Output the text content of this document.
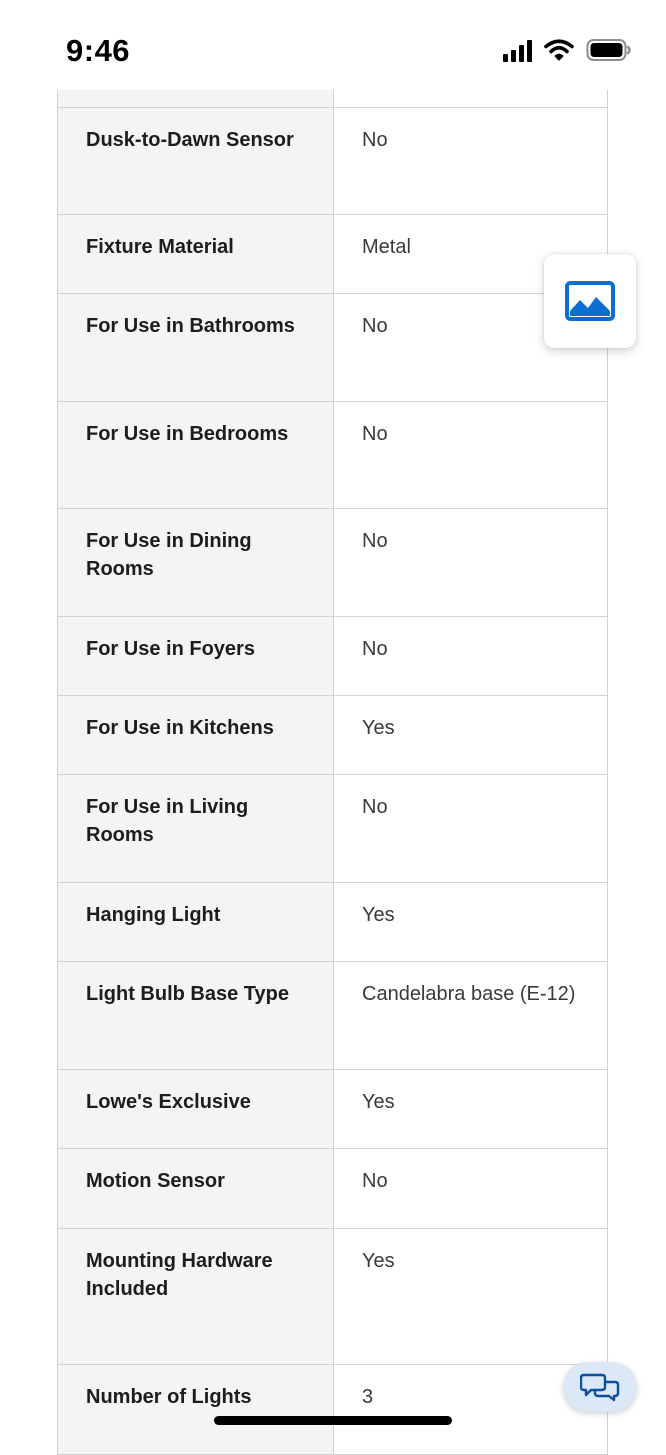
9:46

Dusk-to-Dawn Sensor	No

Fixture Material	Metal

For Use in Bathrooms	No

For Use in Bedrooms	No

For Use in Dining Rooms	No

For Use in Foyers	No

For Use in Kitchens	Yes

For Use in Living Rooms	No

Hanging Light	Yes

Light Bulb Base Type	Candelabra base (E-12)

Lowe's Exclusive	Yes

Motion Sensor	No

Mounting Hardware Included	Yes

Number of Lights	3
